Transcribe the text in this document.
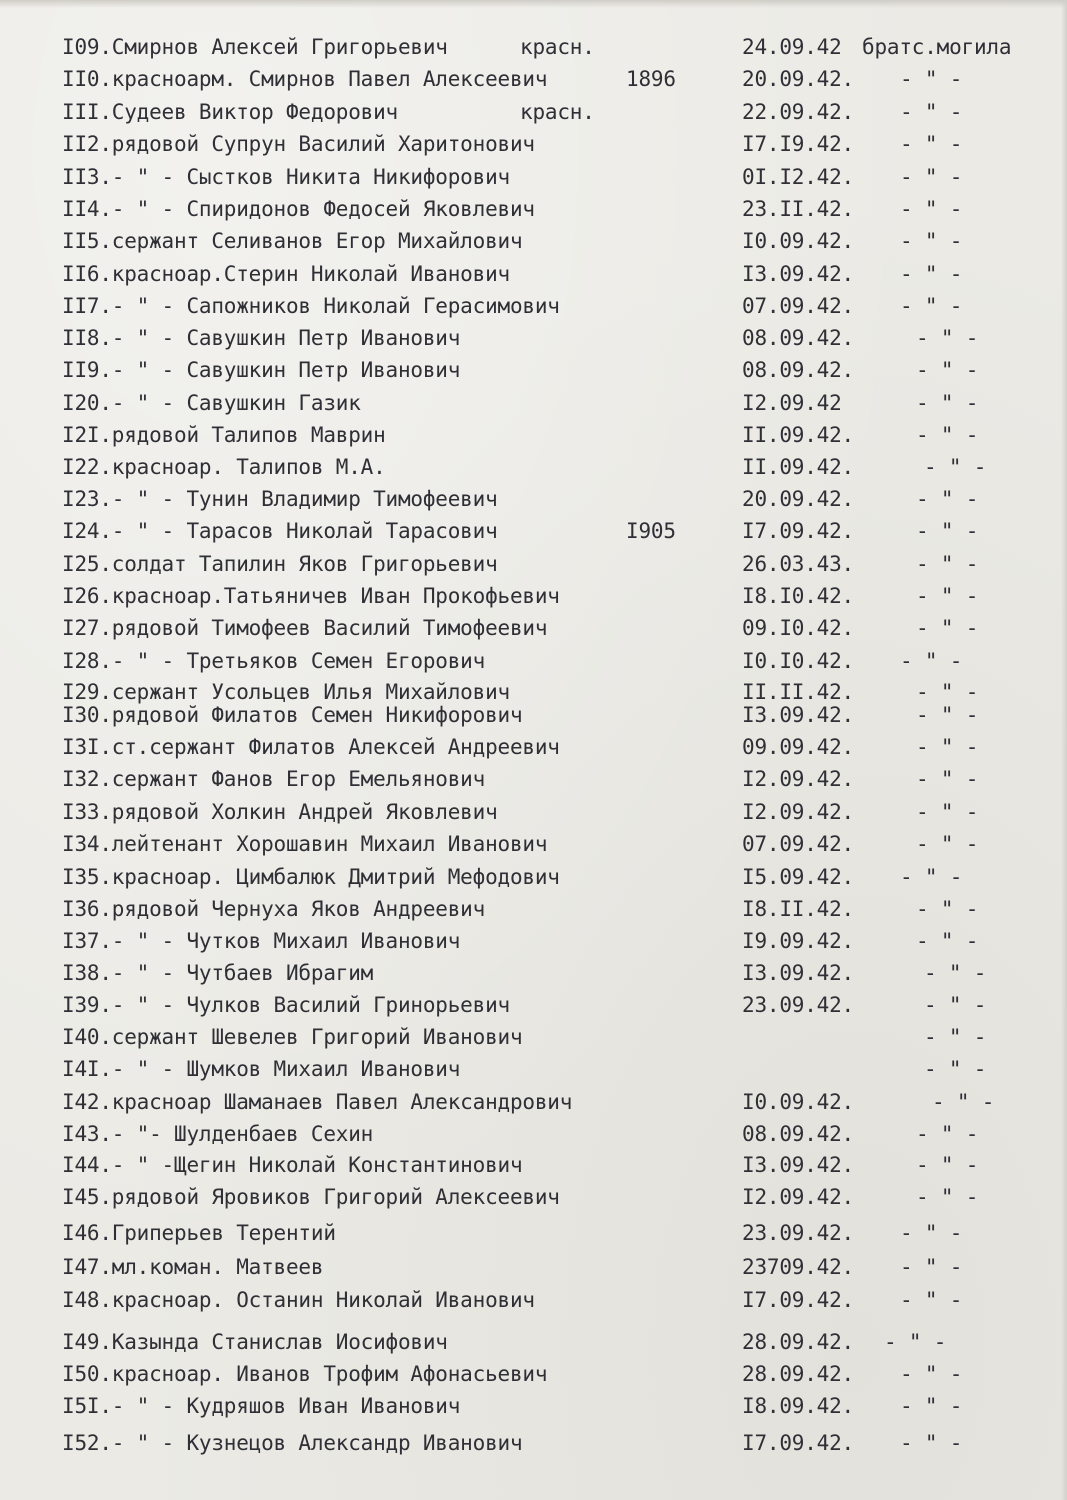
I09.Смирнов Алексей Григорьевич	красн.	24.09.42 братс.могила
II0.красноарм. Смирнов Павел Алексеевич	1896	20.09.42. - " -
III.Судеев Виктор Федорович	красн.	22.09.42. - " -
II2.рядовой Супрун Василий Харитонович	I7.I9.42. - " -
II3.- " - Сыстков Никита Никифорович	0I.I2.42. - " -
II4.- " - Спиридонов Федосей Яковлевич	23.II.42. - " -
II5.сержант Селиванов Егор Михайлович	I0.09.42. - " -
II6.краснoар.Стерин Николай Иванович	I3.09.42. - " -
II7.- " - Сапожников Николай Герасимович	07.09.42. - " -
II8.- " - Савушкин Петр Иванович	08.09.42.	- " -
II9.- " - Савушкин Петр Иванович	08.09.42.	- " -
I20.- " - Савушкин Газик	I2.09.42	- " -
I2I.рядовой Талипов Маврин	II.09.42.	- " -
I22.красноар. Талипов М.А.	II.09.42.	- " -
I23.- " - Тунин Владимир Тимофеевич	20.09.42.	- " -
I24.- " - Тарасов Николай Тарасович	I905	I7.09.42.	- " -
I25.солдат Тапилин Яков Григорьевич	26.03.43.	- " -
I26.красноар.Татьяничев Иван Прокофьевич	I8.I0.42.	- " -
I27.рядовой Тимофеев Василий Тимофеевич	09.I0.42.	- " -
I28.- " - Третьяков Семен Егорович	I0.I0.42. - " -
I29.сержант Усольцев Илья Михайлович	II.II.42.	- " -
I30.рядовой Филатов Семен Никифорович	I3.09.42.	- " -
I3I.ст.сержант Филатов Алексей Андреевич	09.09.42.	- " -
I32.сержант Фанов Егор Емельянович	I2.09.42.	- " -
I33.рядовой Холкин Андрей Яковлевич	I2.09.42.	- " -
I34.лейтенант Хорошавин Михаил Иванович	07.09.42.	- " -
I35.красноар. Цимбалюк Дмитрий Мефодович	I5.09.42. - " -
I36.рядовой Чернуха Яков Андреевич	I8.II.42.	- " -
I37.- " - Чутков Михаил Иванович	I9.09.42.	- " -
I38.- " - Чутбаев Ибрагим	I3.09.42.	- " -
I39.- " - Чулков Василий Гринорьевич	23.09.42.	- " -
I40.сержант Шевелев Григорий Иванович	- " -
I4I.- " - Шумков Михаил Иванович	- " -
I42.красноар Шаманаев Павел Александрович	I0.09.42.	- " -
I43.- "- Шулденбаев Сехин	08.09.42.	- " -
I44.- " -Щегин Николай Константинович	I3.09.42.	- " -
I45.рядовой Яровиков Григорий Алексеевич	I2.09.42.	- " -
I46.Гриперьев Терентий	23.09.42. - " -
I47.мл.коман. Матвеев	23709.42. - " -
I48.красноар. Останин Николай Иванович	I7.09.42. - " -
I49.Казында Станислав Иосифович	28.09.42. - " -
I50.красноар. Иванов Трофим Афонасьевич	28.09.42. - " -
I5I.- " - Кудряшов Иван Иванович	I8.09.42. - " -
I52.- " - Кузнецов Александр Иванович	I7.09.42. - " -
